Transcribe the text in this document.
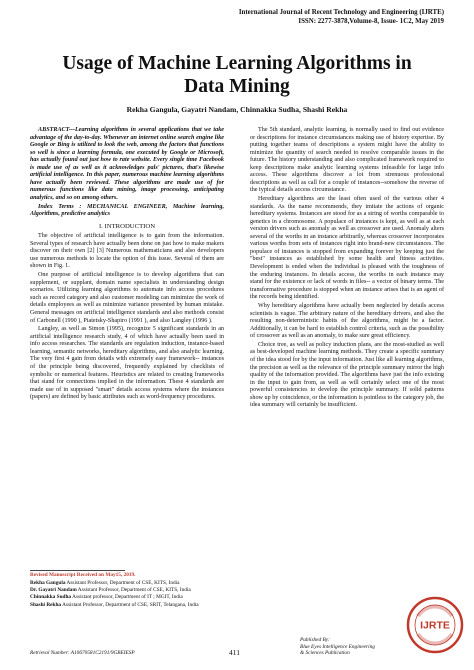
International Journal of Recent Technology and Engineering (IJRTE)
ISSN: 2277-3878,Volume-8, Issue- 1C2, May 2019
Usage of Machine Learning Algorithms in
Data Mining
Rekha Gangula, Gayatri Nandam, Chinnakka Sudha, Shashi Rekha

ABSTRACT---Learning algorithms in several applications that we take advantage of the day-to-day. Whenever an internet online search engine like Google or Bing is utilized to look the web, among the factors that functions so well is since a learning formula, one executed by Google or Microsoft, has actually found out just how to rate website. Every single time Facebook is made use of as well as it acknowledges pals' pictures, that's likewise artificial intelligence. In this paper, numerous machine learning algorithms have actually been reviewed. These algorithms are made use of for numerous functions like data mining, image processing, anticipating analytics, and so on among others.

Index Terms : MECHANICAL ENGINEER, Machine learning, Algorithms, predictive analytics

I. INTRODUCTION

The objective of artificial intelligence is to gain from the information. Several types of research have actually been done on just how to make makers discover on their own [2] [3] Numerous mathematicians and also developers use numerous methods to locate the option of this issue. Several of them are shown in Fig. 1.

One purpose of artificial intelligence is to develop algorithms that can supplement, or supplant, domain name specialists in understanding design scenarios. Utilizing learning algorithms to automate info access procedures such as record category and also customer modeling can minimize the work of details employees as well as minimize variance presented by human mistake. General messages on artificial intelligence standards and also methods consist of Carbonell (1990 ), Piatetsky-Shapiro (1991 ), and also Langley (1996 ).

Langley, as well as Simon (1995), recognize 5 significant standards in an artificial intelligence research study, 4 of which have actually been used in info access researches. The standards are regulation induction, instance-based learning, semantic networks, hereditary algorithms, and also analytic learning. The very first 4 gain from details with extremely easy framework-- instances of the principle being discovered, frequently explained by checklists of symbolic or numerical features. Heuristics are related to creating frameworks that stand for connections implied in the information. These 4 standards are made use of in supposed "smart" details access systems where the instances (papers) are defined by basic attributes such as word-frequency procedures.

The 5th standard, analytic learning, is normally used to find out evidence or descriptions for instance circumstances making use of history expertise. By putting together teams of descriptions a system might have the ability to minimize the quantity of search needed to resolve comparable issues in the future. The history understanding and also complicated framework required to keep descriptions make analytic learning systems infeasible for large info access. These algorithms discover a lot from strenuous professional descriptions as well as call for a couple of instances--somehow the reverse of the typical details access circumstance.

Hereditary algorithms are the least often used of the various other 4 standards. As the name recommends, they imitate the actions of organic hereditary systems. Instances are stood for as a string of worths comparable to genetics in a chromosome. A populace of instances is kept, as well as at each version drivers such as anomaly as well as crossover are used. Anomaly alters several of the worths in an instance arbitrarily, whereas crossover incorporates various worths from sets of instances right into brand-new circumstances. The populace of instances is stopped from expanding forever by keeping just the "best" instances as established by some health and fitness activities. Development is ended when the individual is pleased with the toughness of the enduring instances. In details access, the worths in each instance may stand for the existence or lack of words in files-- a vector of binary terms. The transformative procedure is stopped when an instance arises that is an agent of the records being identified.

Why hereditary algorithms have actually been neglected by details access scientists is vague. The arbitrary nature of the hereditary drivers, and also the resulting non-deterministic habits of the algorithms, might be a factor. Additionally, it can be hard to establish control criteria, such as the possibility of crossover as well as an anomaly, to make sure great efficiency.

Choice tree, as well as policy induction plans, are the most-studied as well as best-developed machine learning methods. They create a specific summary of the idea stood for by the input information. Just like all learning algorithms, the precision as well as the relevance of the principle summary mirror the high quality of the information provided. The algorithms have just the info existing in the input to gain from, as well as will certainly select one of the most powerful consistencies to develop the principle summary. If solid patterns show up by coincidence, or the information is pointless to the category job, the idea summary will certainly be insufficient.

Revised Manuscript Received on May15, 2019.
Rekha Gangula Assistant Professor, Department of CSE, KITS, India
Dr. Gayatri Nandam Assistant Professor, Department of CSE, KITS, India
Chinnakka Sudha Assistant professor, Department of IT ; MGIT, India
Shashi Rekha Assistant Professor, Department of CSE, SRIT, Telangana, India
Retrieval Number: A10670581C2191/9GBEIESP	411
Published By:
Blue Eyes Intelligence Engineering
& Sciences Publication
IJRTE
